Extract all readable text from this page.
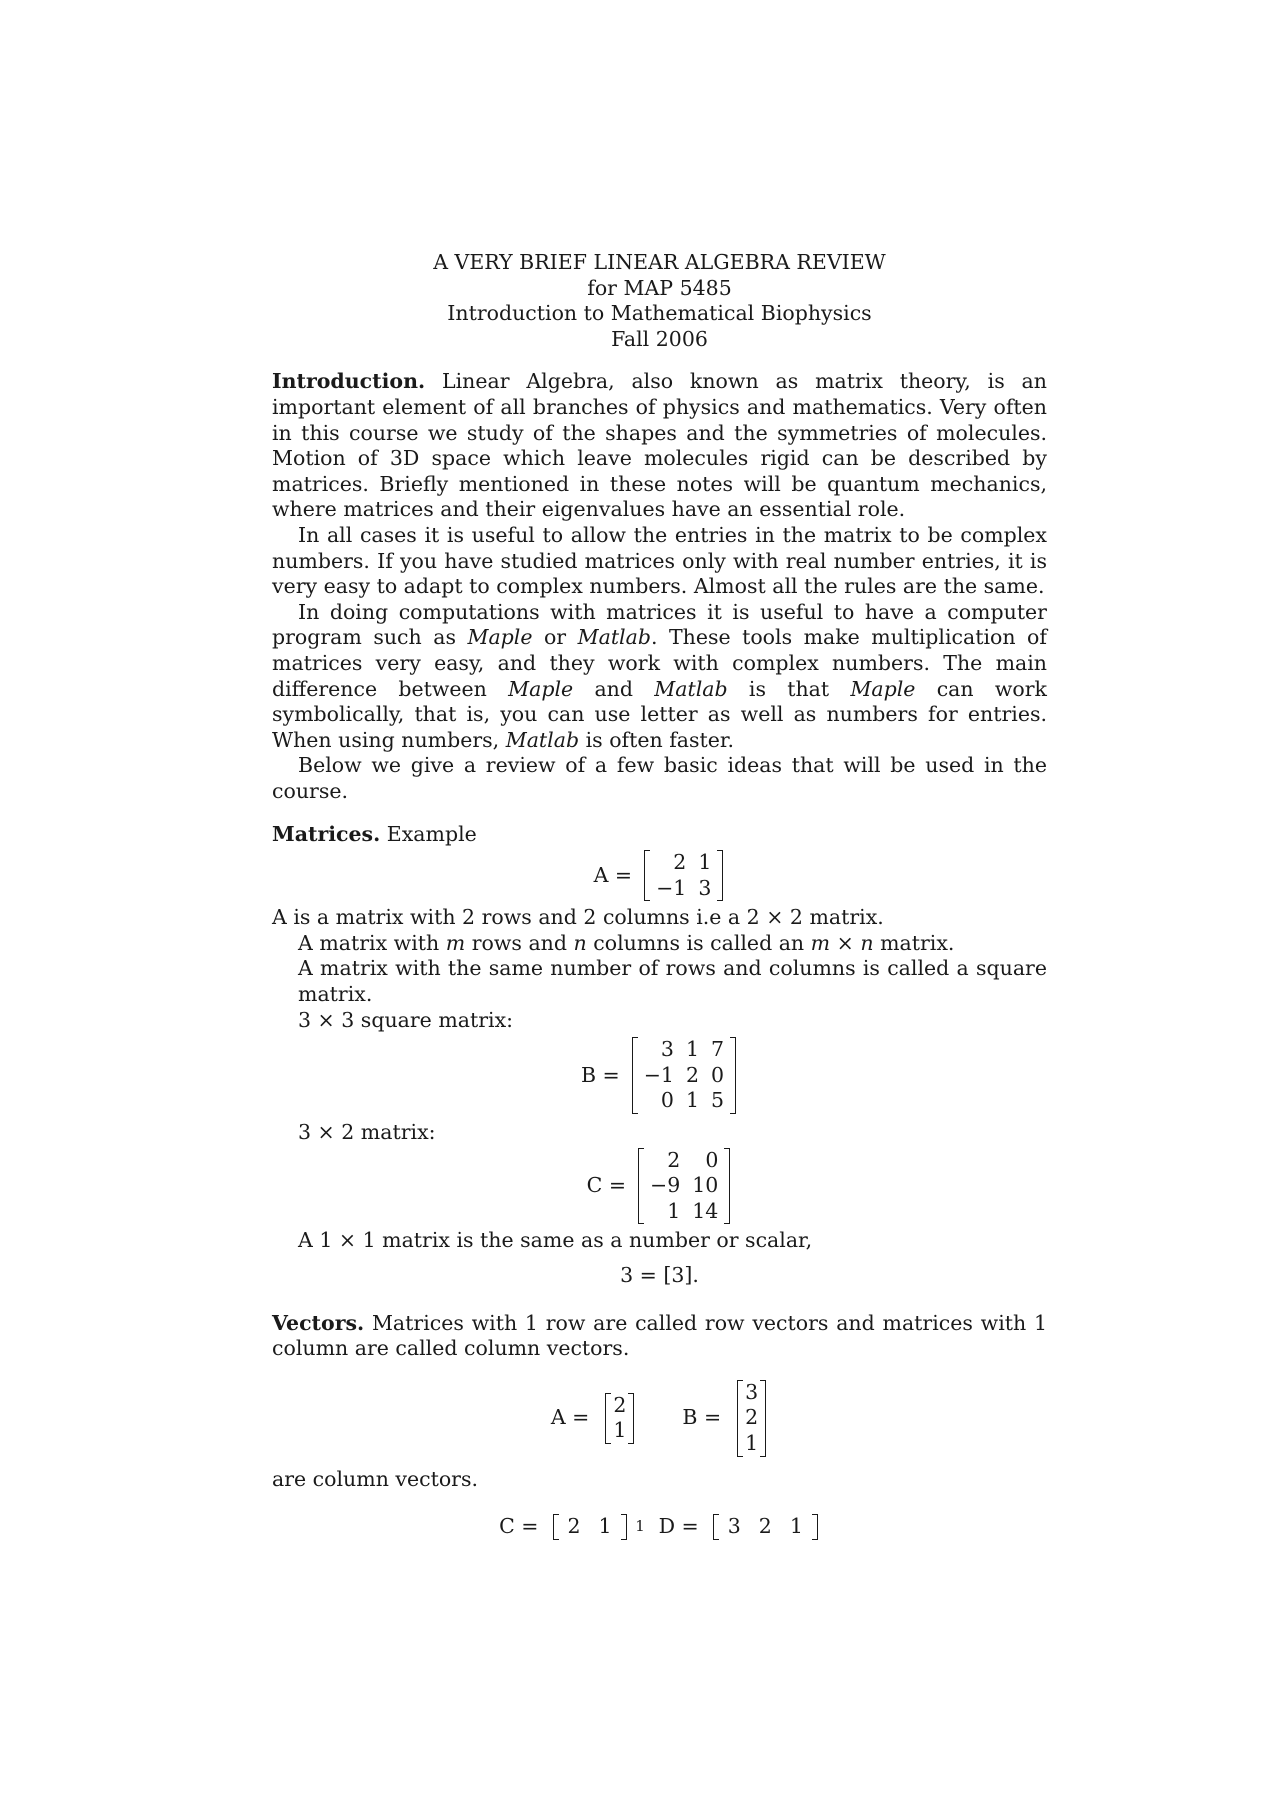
A VERY BRIEF LINEAR ALGEBRA REVIEW
for MAP 5485
Introduction to Mathematical Biophysics
Fall 2006

Introduction. Linear Algebra, also known as matrix theory, is an important element of all branches of physics and mathematics. Very often in this course we study of the shapes and the symmetries of molecules. Motion of 3D space which leave molecules rigid can be described by matrices. Briefly mentioned in these notes will be quantum mechanics, where matrices and their eigenvalues have an essential role.

In all cases it is useful to allow the entries in the matrix to be complex numbers. If you have studied matrices only with real number entries, it is very easy to adapt to complex numbers. Almost all the rules are the same.

In doing computations with matrices it is useful to have a computer program such as Maple or Matlab. These tools make multiplication of matrices very easy, and they work with complex numbers. The main difference between Maple and Matlab is that Maple can work symbolically, that is, you can use letter as well as numbers for entries. When using numbers, Matlab is often faster.

Below we give a review of a few basic ideas that will be used in the course.

Matrices. Example

A =
2	1
−1	3

A is a matrix with 2 rows and 2 columns i.e a 2 × 2 matrix.

A matrix with m rows and n columns is called an m × n matrix.

A matrix with the same number of rows and columns is called a square matrix.

3 × 3 square matrix:

B =
3	1	7
−1	2	0
0	1	5

3 × 2 matrix:

C =
2	0
−9	10
1	14

A 1 × 1 matrix is the same as a number or scalar,

3 = [3].

Vectors. Matrices with 1 row are called row vectors and matrices with 1 column are called column vectors.

A =
2
1
B =
3
2
1

are column vectors.

C = 2	1 D = 3	2	1
1
